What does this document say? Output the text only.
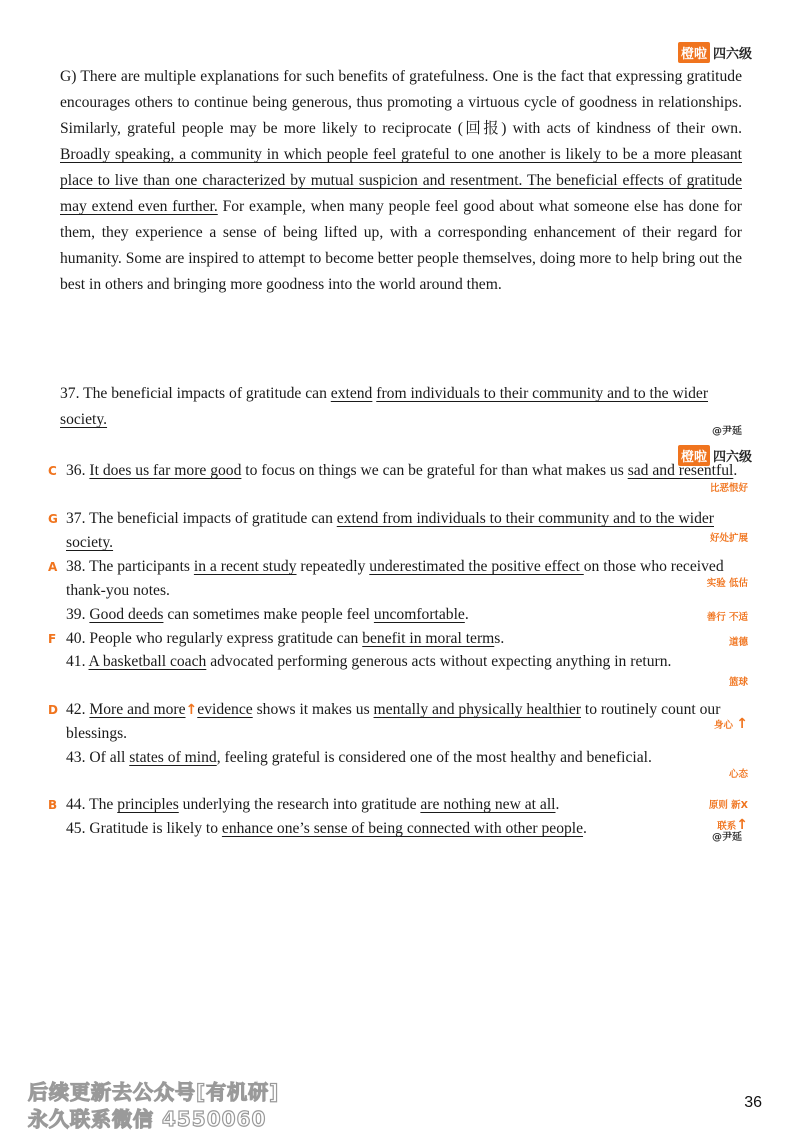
橙啦 四六级

G) There are multiple explanations for such benefits of gratefulness. One is the fact that expressing gratitude encourages others to continue being generous, thus promoting a virtuous cycle of goodness in relationships. Similarly, grateful people may be more likely to reciprocate (回报) with acts of kindness of their own. Broadly speaking, a community in which people feel grateful to one another is likely to be a more pleasant place to live than one characterized by mutual suspicion and resentment. The beneficial effects of gratitude may extend even further. For example, when many people feel good about what someone else has done for them, they experience a sense of being lifted up, with a corresponding enhancement of their regard for humanity. Some are inspired to attempt to become better people themselves, doing more to help bring out the best in others and bringing more goodness into the world around them.

37. The beneficial impacts of gratitude can extend from individuals to their community and to the wider society.

@尹延
橙啦 四六级
C 36. It does us far more good to focus on things we can be grateful for than what makes us sad and resentful.
比恶恨好
G 37. The beneficial impacts of gratitude can extend from individuals to their community and to the wider society.	好处扩展
A 38. The participants in a recent study repeatedly underestimated the positive effect on those who received thank-you notes.	实验 低估
39. Good deeds can sometimes make people feel uncomfortable.	善行 不适
F 40. People who regularly express gratitude can benefit in moral terms.	道德
41. A basketball coach advocated performing generous acts without expecting anything in return.
篮球
D 42. More and more↑evidence shows it makes us mentally and physically healthier to routinely count our blessings.	身心 ↑
43. Of all states of mind, feeling grateful is considered one of the most healthy and beneficial.
心态
B 44. The principles underlying the research into gratitude are nothing new at all.	原则 新X
45. Gratitude is likely to enhance one’s sense of being connected with other people.	联系↑
@尹延
后续更新去公众号[有机研]
永久联系微信 4550060
36
